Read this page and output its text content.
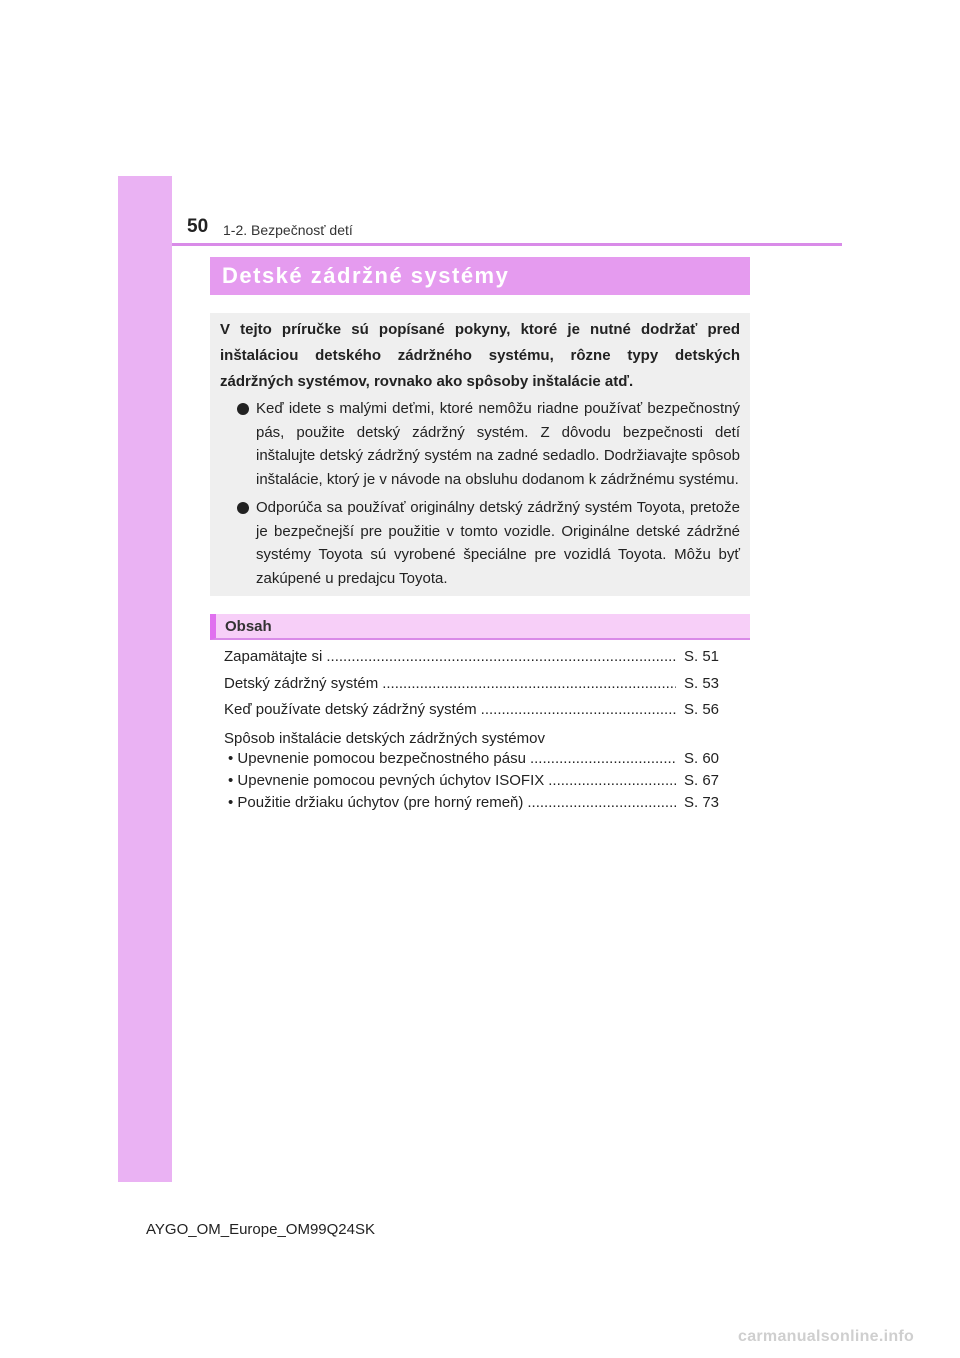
50 1-2. Bezpečnosť detí
Detské zádržné systémy

V tejto príručke sú popísané pokyny, ktoré je nutné dodržať pred inštaláciou detského zádržného systému, rôzne typy detských zádržných systémov, rovnako ako spôsoby inštalácie atď.

Keď idete s malými deťmi, ktoré nemôžu riadne používať bezpečnostný pás, použite detský zádržný systém. Z dôvodu bezpečnosti detí inštalujte detský zádržný systém na zadné sedadlo. Dodržiavajte spôsob inštalácie, ktorý je v návode na obsluhu dodanom k zádržnému systému.
Odporúča sa používať originálny detský zádržný systém Toyota, pretože je bezpečnejší pre použitie v tomto vozidle. Originálne detské zádržné systémy Toyota sú vyrobené špeciálne pre vozidlá Toyota. Môžu byť zakúpené u predajcu Toyota.
Obsah
Zapamätajte si .....	S. 51
Detský zádržný systém .....	S. 53
Keď používate detský zádržný systém .....	S. 56
Spôsob inštalácie detských zádržných systémov
• Upevnenie pomocou bezpečnostného pásu .....	S. 60
• Upevnenie pomocou pevných úchytov ISOFIX .....	S. 67
• Použitie držiaku úchytov (pre horný remeň) .....	S. 73
AYGO_OM_Europe_OM99Q24SK
carmanualsonline.info
